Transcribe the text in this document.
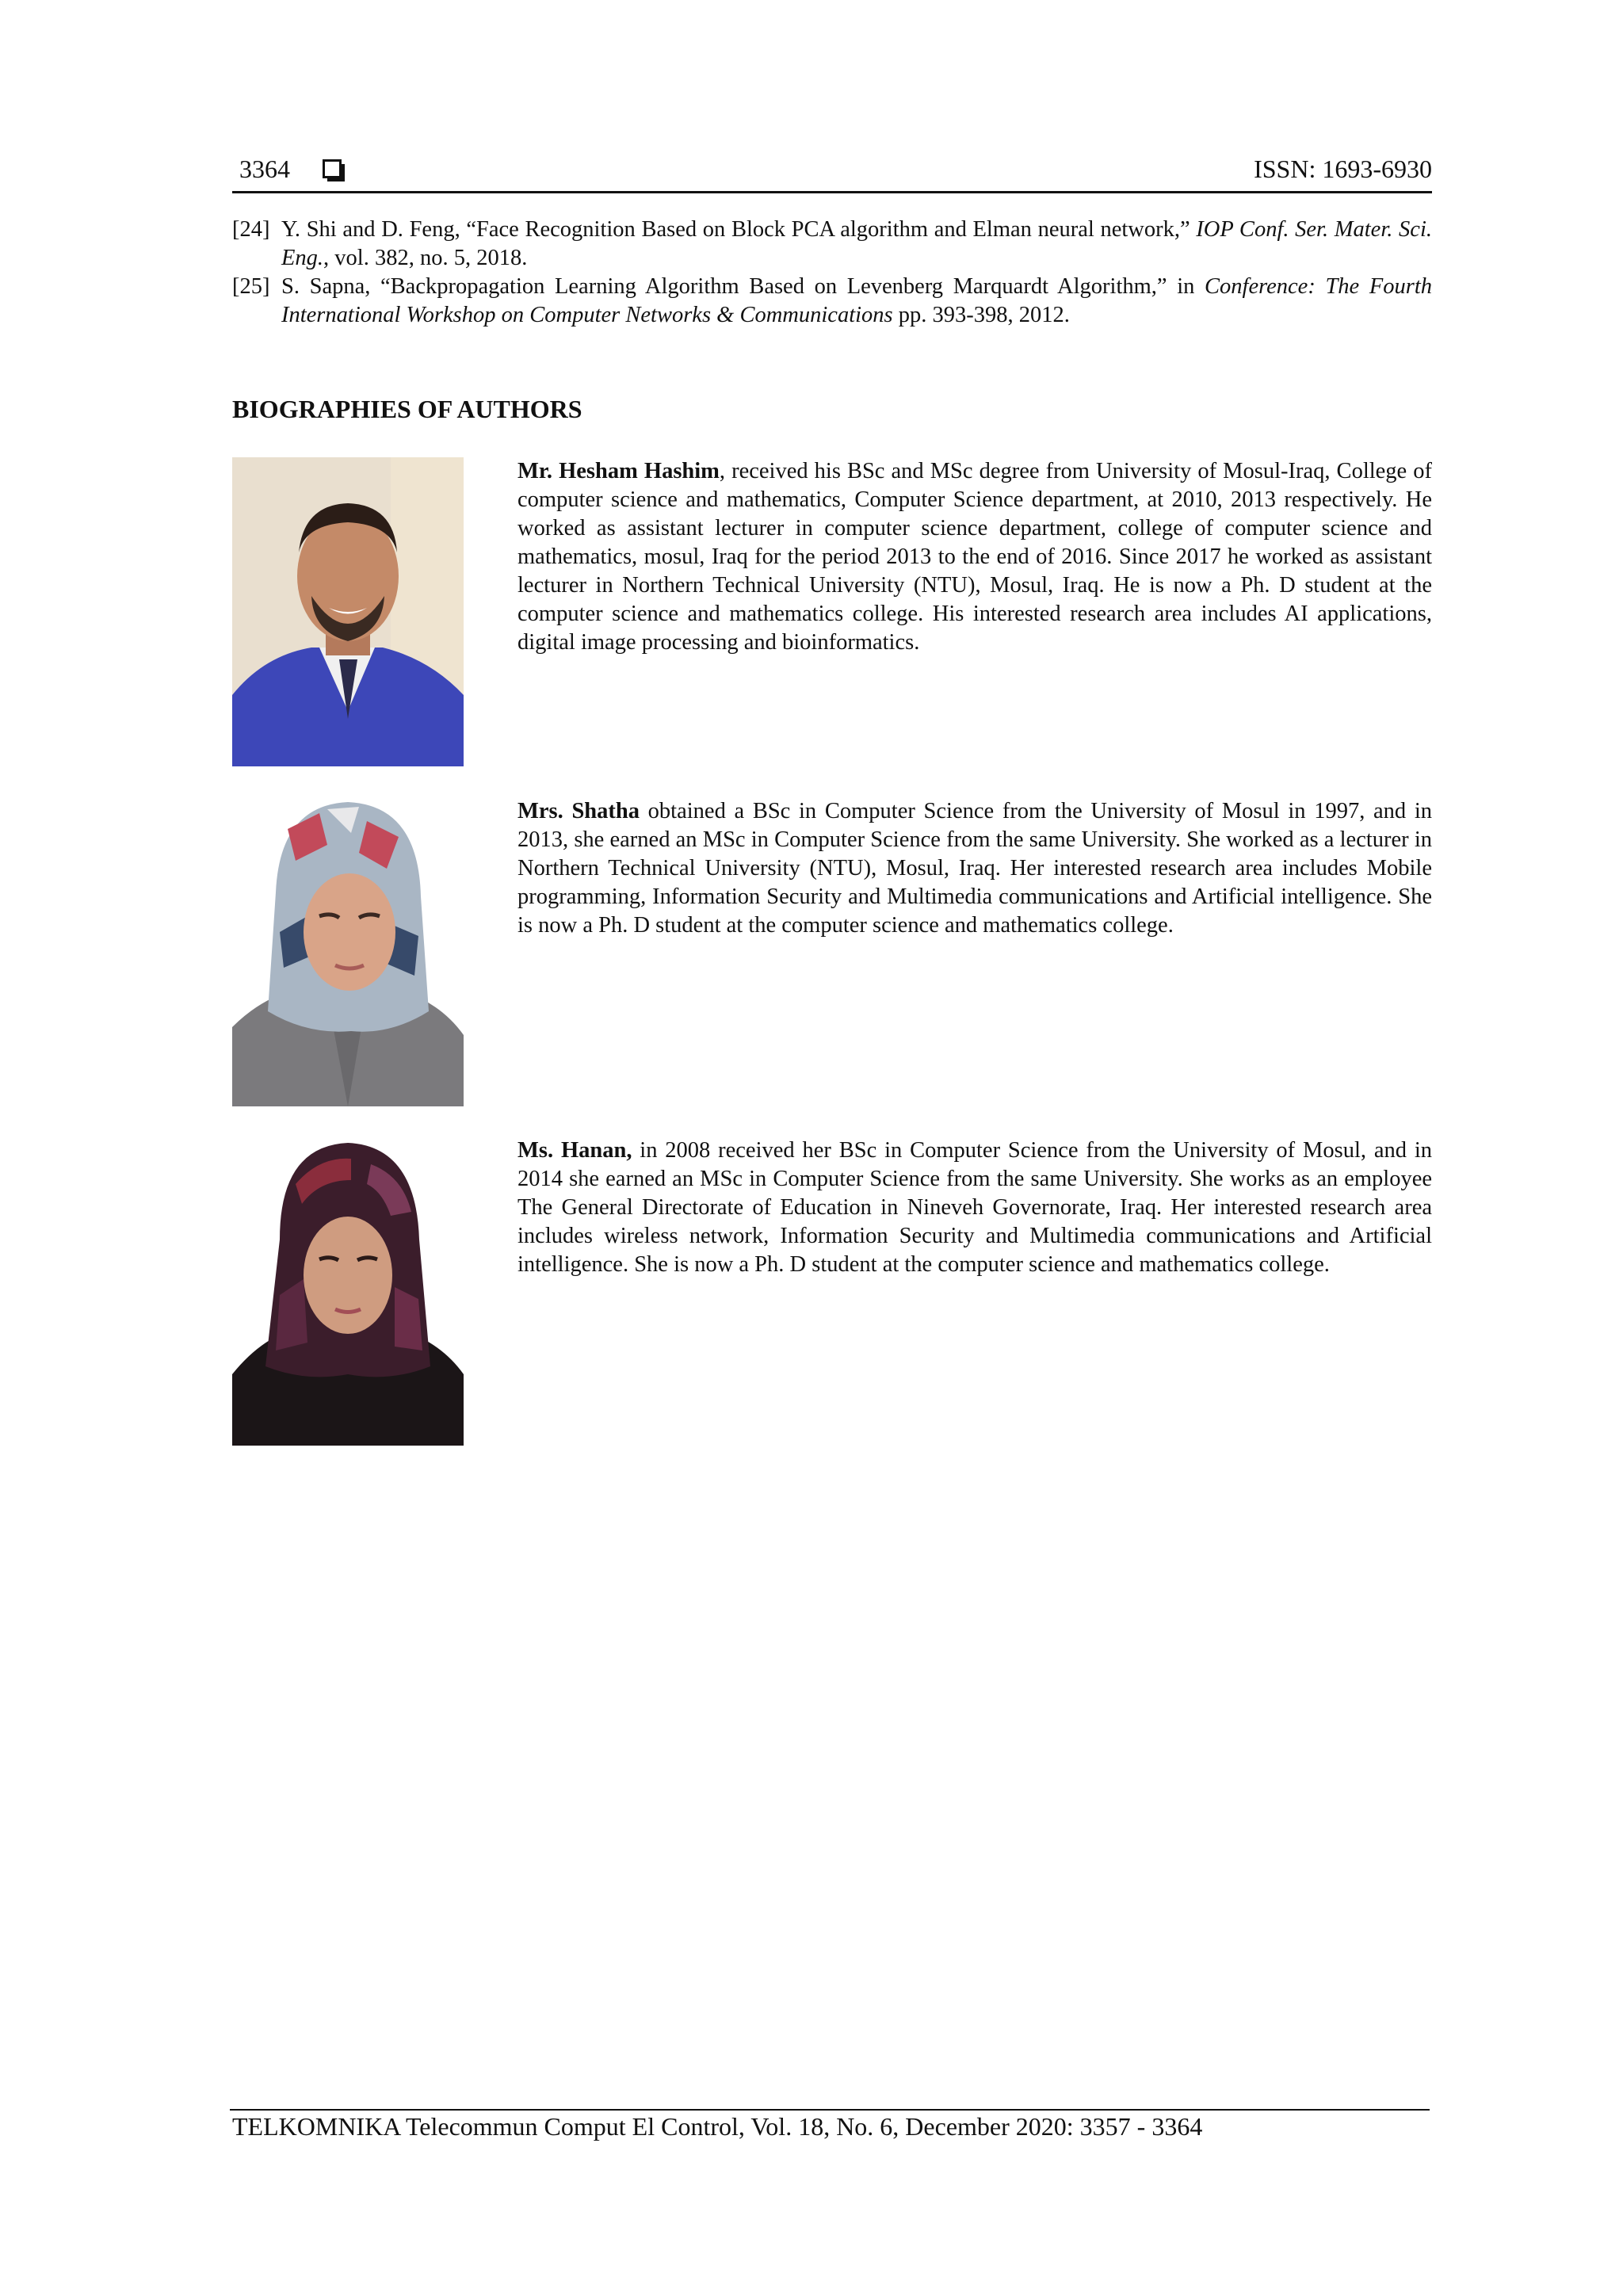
3364	ISSN: 1693-6930
[24] Y. Shi and D. Feng, “Face Recognition Based on Block PCA algorithm and Elman neural network,” IOP Conf. Ser. Mater. Sci. Eng., vol. 382, no. 5, 2018.
[25] S. Sapna, “Backpropagation Learning Algorithm Based on Levenberg Marquardt Algorithm,” in Conference: The Fourth International Workshop on Computer Networks & Communications pp. 393-398, 2012.
BIOGRAPHIES OF AUTHORS
Mr. Hesham Hashim, received his BSc and MSc degree from University of Mosul-Iraq, College of computer science and mathematics, Computer Science department, at 2010, 2013 respectively. He worked as assistant lecturer in computer science department, college of computer science and mathematics, mosul, Iraq for the period 2013 to the end of 2016. Since 2017 he worked as assistant lecturer in Northern Technical University (NTU), Mosul, Iraq. He is now a Ph. D student at the computer science and mathematics college. His interested research area includes AI applications, digital image processing and bioinformatics.
Mrs. Shatha obtained a BSc in Computer Science from the University of Mosul in 1997, and in 2013, she earned an MSc in Computer Science from the same University. She worked as a lecturer in Northern Technical University (NTU), Mosul, Iraq. Her interested research area includes Mobile programming, Information Security and Multimedia communications and Artificial intelligence. She is now a Ph. D student at the computer science and mathematics college.
Ms. Hanan, in 2008 received her BSc in Computer Science from the University of Mosul, and in 2014 she earned an MSc in Computer Science from the same University. She works as an employee The General Directorate of Education in Nineveh Governorate, Iraq. Her interested research area includes wireless network, Information Security and Multimedia communications and Artificial intelligence. She is now a Ph. D student at the computer science and mathematics college.
TELKOMNIKA Telecommun Comput El Control, Vol. 18, No. 6, December 2020: 3357 - 3364
